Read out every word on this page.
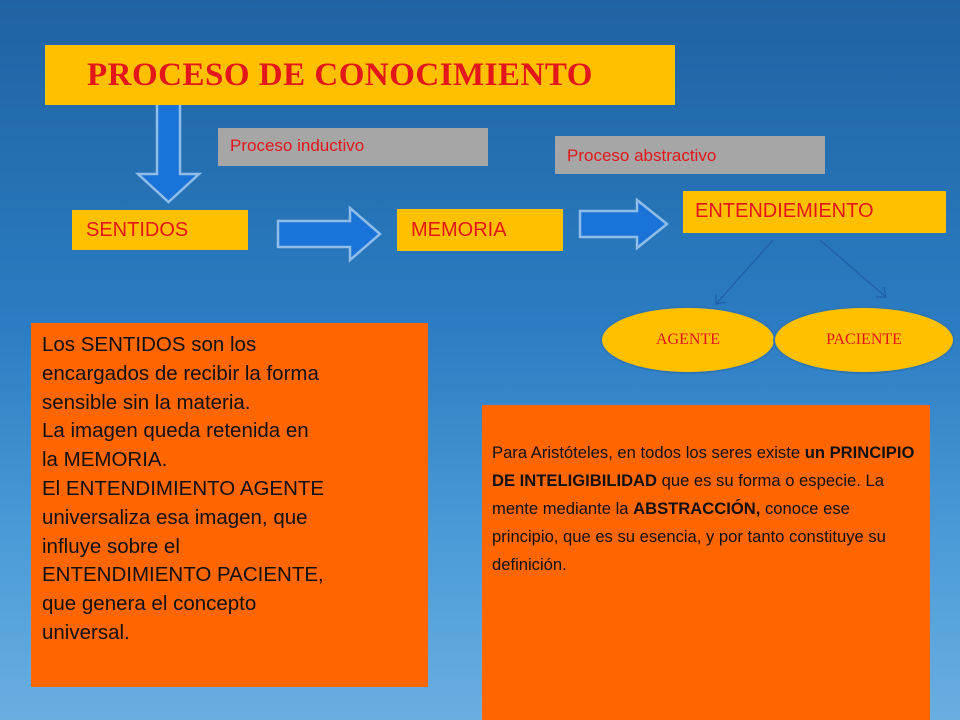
PROCESO DE CONOCIMIENTO
Proceso inductivo
Proceso abstractivo
SENTIDOS	MEMORIA
ENTENDIEMIENTO
AGENTE	PACIENTE
Los SENTIDOS son los
encargados de recibir la forma
sensible sin la materia.
La imagen queda retenida en
la MEMORIA.
El ENTENDIMIENTO AGENTE
universaliza esa imagen, que
influye sobre el
ENTENDIMIENTO PACIENTE,
que genera el concepto
universal.
Para Aristóteles, en todos los seres existe un PRINCIPIO DE INTELIGIBILIDAD que es su forma o especie. La mente mediante la ABSTRACCIÓN, conoce ese principio, que es su esencia, y por tanto constituye su definición.
